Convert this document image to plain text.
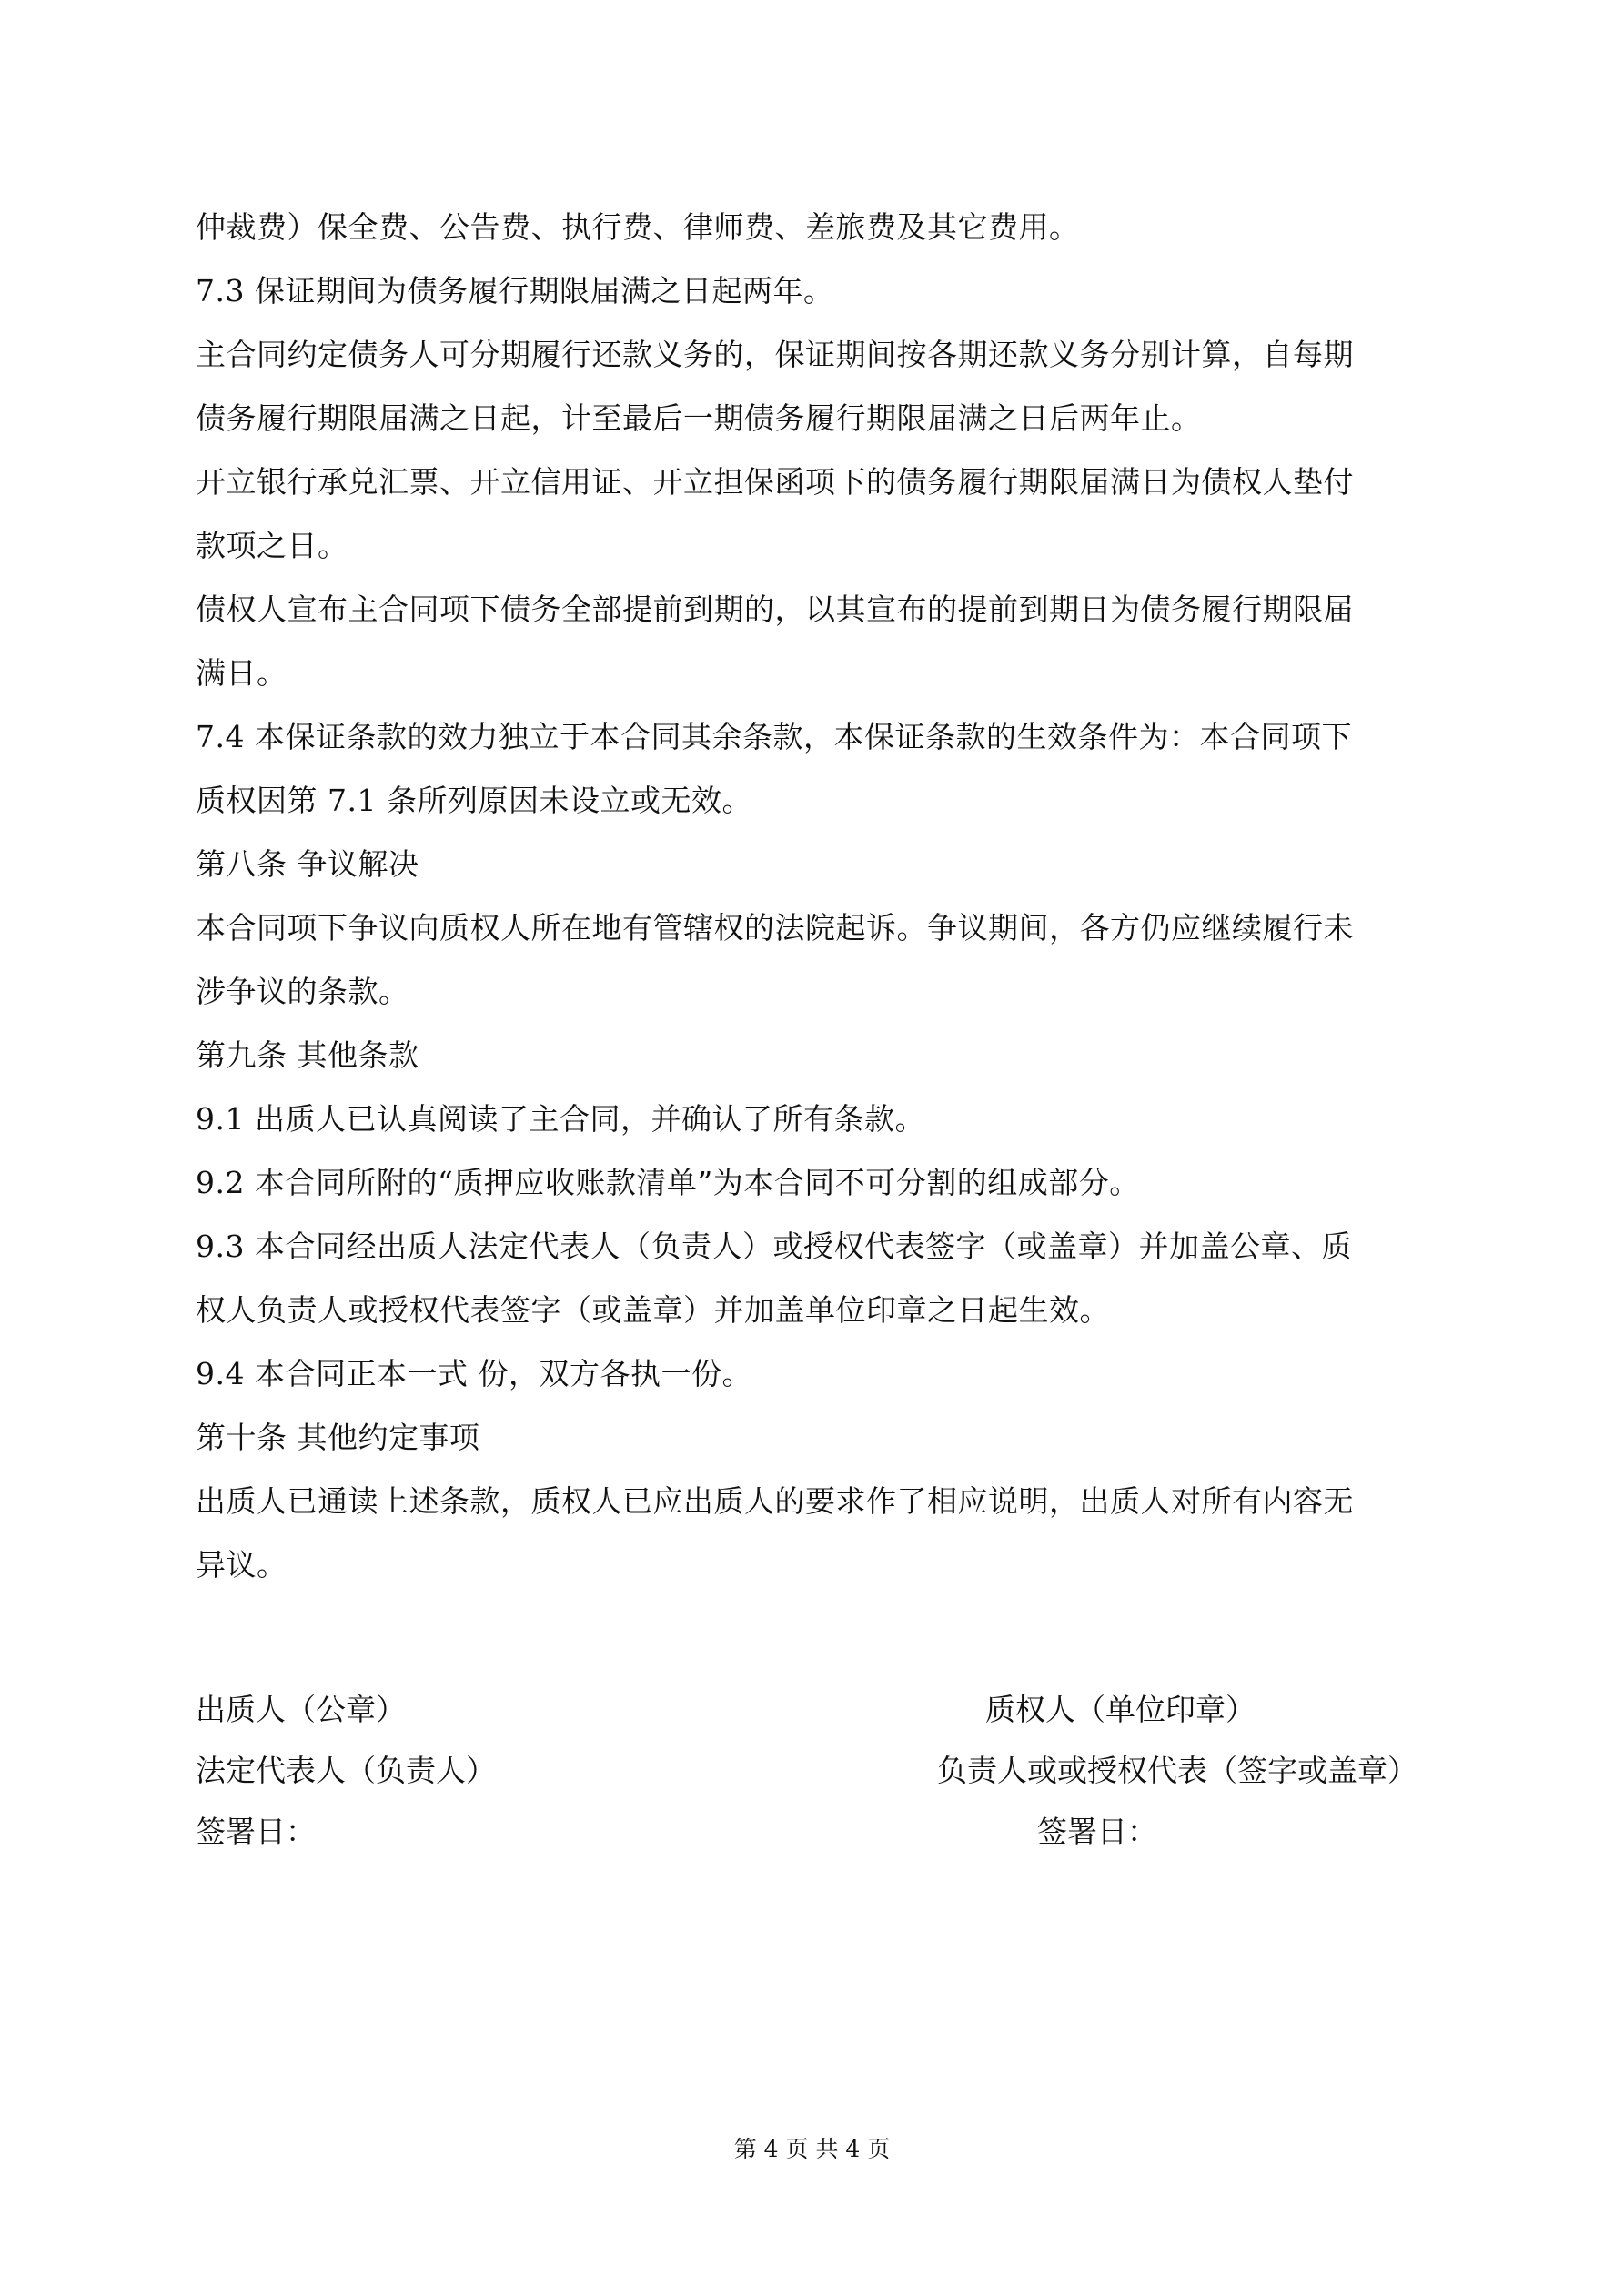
仲裁费）保全费、公告费、执行费、律师费、差旅费及其它费用。
7.3 保证期间为债务履行期限届满之日起两年。
主合同约定债务人可分期履行还款义务的，保证期间按各期还款义务分别计算，自每期
债务履行期限届满之日起，计至最后一期债务履行期限届满之日后两年止。
开立银行承兑汇票、开立信用证、开立担保函项下的债务履行期限届满日为债权人垫付
款项之日。
债权人宣布主合同项下债务全部提前到期的，以其宣布的提前到期日为债务履行期限届
满日。
7.4 本保证条款的效力独立于本合同其余条款，本保证条款的生效条件为：本合同项下
质权因第 7.1 条所列原因未设立或无效。
第八条 争议解决
本合同项下争议向质权人所在地有管辖权的法院起诉。争议期间，各方仍应继续履行未
涉争议的条款。
第九条 其他条款
9.1 出质人已认真阅读了主合同，并确认了所有条款。
9.2 本合同所附的“质押应收账款清单”为本合同不可分割的组成部分。
9.3 本合同经出质人法定代表人（负责人）或授权代表签字（或盖章）并加盖公章、质
权人负责人或授权代表签字（或盖章）并加盖单位印章之日起生效。
9.4 本合同正本一式 份，双方各执一份。
第十条 其他约定事项
出质人已通读上述条款，质权人已应出质人的要求作了相应说明，出质人对所有内容无
异议。
出质人（公章）	质权人（单位印章）
法定代表人（负责人）	负责人或或授权代表（签字或盖章）
签署日：	签署日：
第 4 页 共 4 页
